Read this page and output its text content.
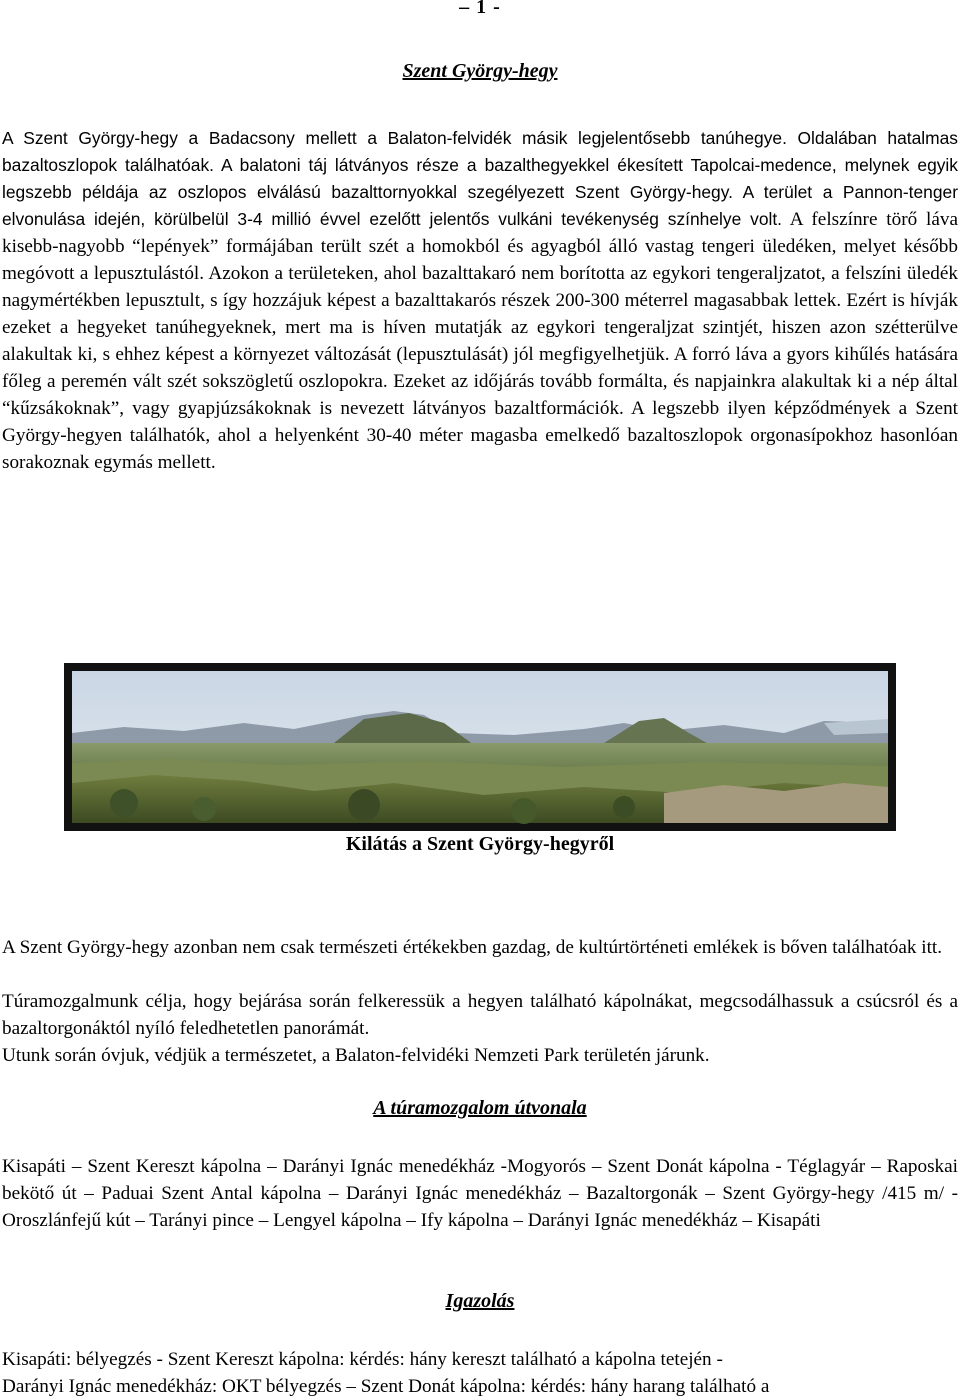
– 1 -
Szent György-hegy
A Szent György-hegy a Badacsony mellett a Balaton-felvidék másik legjelentősebb tanúhegye. Oldalában hatalmas bazaltoszlopok találhatóak. A balatoni táj látványos része a bazalthegyekkel ékesített Tapolcai-medence, melynek egyik legszebb példája az oszlopos elválású bazalttornyokkal szegélyezett Szent György-hegy. A terület a Pannon-tenger elvonulása idején, körülbelül 3-4 millió évvel ezelőtt jelentős vulkáni tevékenység színhelye volt. A felszínre törő láva kisebb-nagyobb “lepények” formájában terült szét a homokból és agyagból álló vastag tengeri üledéken, melyet később megóvott a lepusztulástól. Azokon a területeken, ahol bazalttakaró nem borította az egykori tengeraljzatot, a felszíni üledék nagymértékben lepusztult, s így hozzájuk képest a bazalttakarós részek 200-300 méterrel magasabbak lettek. Ezért is hívják ezeket a hegyeket tanúhegyeknek, mert ma is híven mutatják az egykori tengeraljzat szintjét, hiszen azon szétterülve alakultak ki, s ehhez képest a környezet változását (lepusztulását) jól megfigyelhetjük. A forró láva a gyors kihűlés hatására főleg a peremén vált szét sokszögletű oszlopokra. Ezeket az időjárás tovább formálta, és napjainkra alakultak ki a nép által “kűzsákoknak”, vagy gyapjúzsákoknak is nevezett látványos bazaltformációk. A legszebb ilyen képződmények a Szent György-hegyen találhatók, ahol a helyenként 30-40 méter magasba emelkedő bazaltoszlopok orgonasípokhoz hasonlóan sorakoznak egymás mellett.
Kilátás a Szent György-hegyről
A Szent György-hegy azonban nem csak természeti értékekben gazdag, de kultúrtörténeti emlékek is bőven találhatóak itt.
Túramozgalmunk célja, hogy bejárása során felkeressük a hegyen található kápolnákat, megcsodálhassuk a csúcsról és a bazaltorgonáktól nyíló feledhetetlen panorámát.
Utunk során óvjuk, védjük a természetet, a Balaton-felvidéki Nemzeti Park területén járunk.
A túramozgalom útvonala
Kisapáti – Szent Kereszt kápolna – Darányi Ignác menedékház -Mogyorós – Szent Donát kápolna - Téglagyár – Raposkai bekötő út – Paduai Szent Antal kápolna – Darányi Ignác menedékház – Bazaltorgonák – Szent György-hegy /415 m/ - Oroszlánfejű kút – Tarányi pince – Lengyel kápolna – Ify kápolna – Darányi Ignác menedékház – Kisapáti
Igazolás
Kisapáti: bélyegzés - Szent Kereszt kápolna: kérdés: hány kereszt található a kápolna tetején -
Darányi Ignác menedékház: OKT bélyegzés – Szent Donát kápolna: kérdés: hány harang található a
